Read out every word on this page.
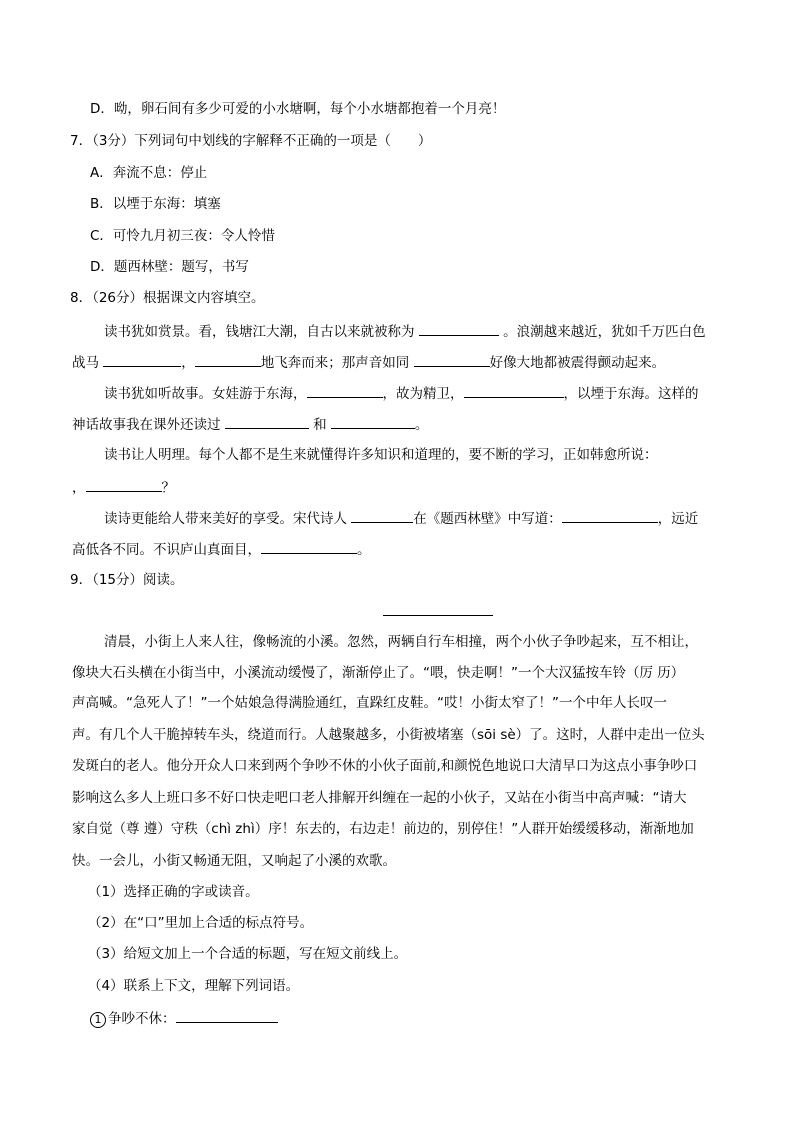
D．呦，卵石间有多少可爱的小水塘啊，每个小水塘都抱着一个月亮！
7．（3分）下列词句中划线的字解释不正确的一项是（　　）
A．奔流不息：停止
B．以堙于东海：填塞
C．可怜九月初三夜：令人怜惜
D．题西林壁：题写，书写
8．（26分）根据课文内容填空。
读书犹如赏景。看，钱塘江大潮，自古以来就被称为	。浪潮越来越近，犹如千万匹白色
战马	，	地飞奔而来；那声音如同	好像大地都被震得颤动起来。
读书犹如听故事。女娃游于东海，	，故为精卫，	，以堙于东海。这样的
神话故事我在课外还读过	和	。
读书让人明理。每个人都不是生来就懂得许多知识和道理的，要不断的学习，正如韩愈所说：
，	？
读诗更能给人带来美好的享受。宋代诗人	在《题西林壁》中写道：	，远近
高低各不同。不识庐山真面目，	。
9．（15分）阅读。
清晨，小街上人来人往，像畅流的小溪。忽然，两辆自行车相撞，两个小伙子争吵起来，互不相让，
像块大石头横在小街当中，小溪流动缓慢了，渐渐停止了。“喂，快走啊！”一个大汉猛按车铃（厉 历）
声高喊。“急死人了！”一个姑娘急得满脸通红，直跺红皮鞋。“哎！小街太窄了！”一个中年人长叹一
声。有几个人干脆掉转车头，绕道而行。人越聚越多，小街被堵塞（sōi sè）了。这时，人群中走出一位头
发斑白的老人。他分开众人口来到两个争吵不休的小伙子面前,和颜悦色地说口大清早口为这点小事争吵口
影响这么多人上班口多不好口快走吧口老人排解开纠缠在一起的小伙子，又站在小街当中高声喊：“请大
家自觉（尊 遵）守秩（chì zhì）序！东去的，右边走！前边的，别停住！”人群开始缓缓移动，渐渐地加
快。一会儿，小街又畅通无阻，又响起了小溪的欢歌。
（1）选择正确的字或读音。
（2）在“口”里加上合适的标点符号。
（3）给短文加上一个合适的标题，写在短文前线上。
（4）联系上下文，理解下列词语。
1 争吵不休：
